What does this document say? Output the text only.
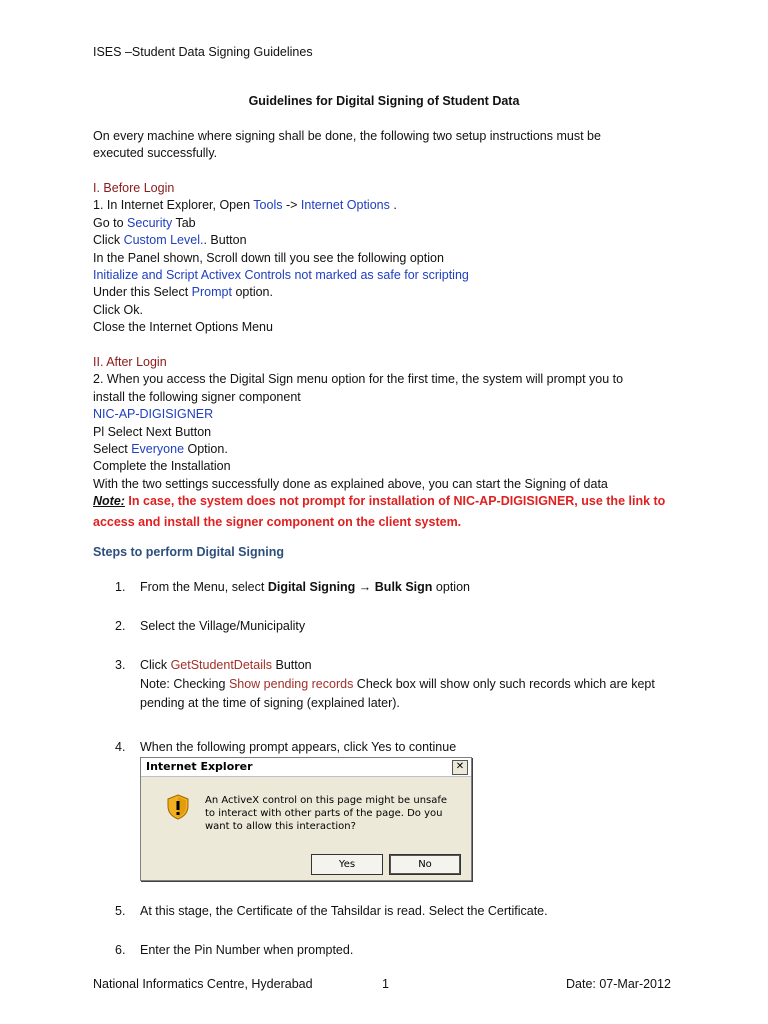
ISES –Student Data Signing Guidelines
Guidelines for Digital Signing of Student Data
On every machine where signing shall be done, the following two setup instructions must be
executed successfully.
I. Before Login
1. In Internet Explorer, Open Tools -> Internet Options .
Go to Security Tab
Click Custom Level.. Button
In the Panel shown, Scroll down till you see the following option
Initialize and Script Activex Controls not marked as safe for scripting
Under this Select Prompt option.
Click Ok.
Close the Internet Options Menu
II. After Login
2. When you access the Digital Sign menu option for the first time, the system will prompt you to
install the following signer component
NIC-AP-DIGISIGNER
Pl Select Next Button
Select Everyone Option.
Complete the Installation
With the two settings successfully done as explained above, you can start the Signing of data
Note: In case, the system does not prompt for installation of NIC-AP-DIGISIGNER, use the link to
access and install the signer component on the client system.
Steps to perform Digital Signing
1. From the Menu, select Digital Signing → Bulk Sign option
2. Select the Village/Municipality
3. Click GetStudentDetails Button
Note: Checking Show pending records Check box will show only such records which are kept
pending at the time of signing (explained later).
4. When the following prompt appears, click Yes to continue
Internet Explorer	✕
An ActiveX control on this page might be unsafe to interact with other parts of the page. Do you want to allow this interaction?
Yes	No
5. At this stage, the Certificate of the Tahsildar is read. Select the Certificate.
6. Enter the Pin Number when prompted.
National Informatics Centre, Hyderabad	1	Date: 07-Mar-2012
